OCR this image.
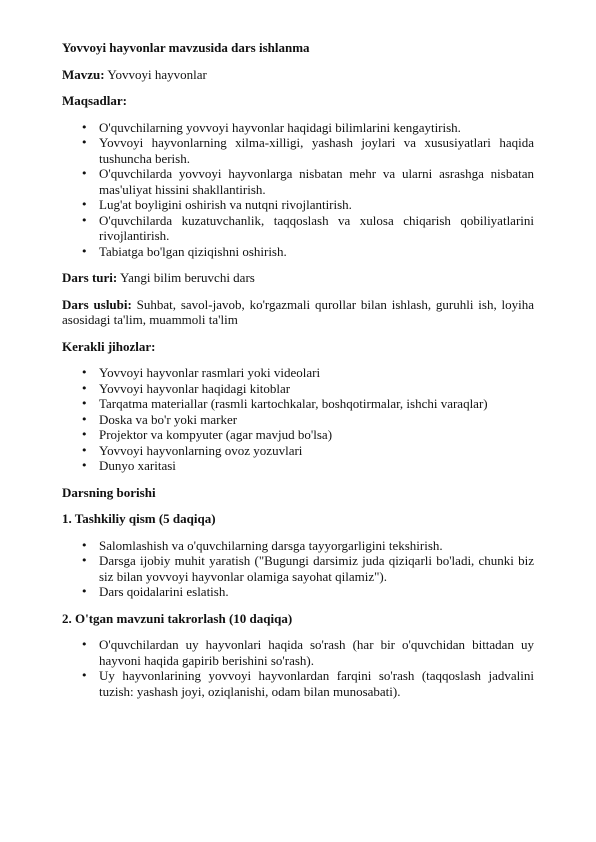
Yovvoyi hayvonlar mavzusida dars ishlanma

Mavzu: Yovvoyi hayvonlar

Maqsadlar:

• O'quvchilarning yovvoyi hayvonlar haqidagi bilimlarini kengaytirish.
• Yovvoyi hayvonlarning xilma-xilligi, yashash joylari va xususiyatlari haqida tushuncha berish.
• O'quvchilarda yovvoyi hayvonlarga nisbatan mehr va ularni asrashga nisbatan mas'uliyat hissini shakllantirish.
• Lug'at boyligini oshirish va nutqni rivojlantirish.
• O'quvchilarda kuzatuvchanlik, taqqoslash va xulosa chiqarish qobiliyatlarini rivojlantirish.
• Tabiatga bo'lgan qiziqishni oshirish.

Dars turi: Yangi bilim beruvchi dars

Dars uslubi: Suhbat, savol-javob, ko'rgazmali qurollar bilan ishlash, guruhli ish, loyiha asosidagi ta'lim, muammoli ta'lim

Kerakli jihozlar:

• Yovvoyi hayvonlar rasmlari yoki videolari
• Yovvoyi hayvonlar haqidagi kitoblar
• Tarqatma materiallar (rasmli kartochkalar, boshqotirmalar, ishchi varaqlar)
• Doska va bo'r yoki marker
• Projektor va kompyuter (agar mavjud bo'lsa)
• Yovvoyi hayvonlarning ovoz yozuvlari
• Dunyo xaritasi

Darsning borishi

1. Tashkiliy qism (5 daqiqa)

• Salomlashish va o'quvchilarning darsga tayyorgarligini tekshirish.
• Darsga ijobiy muhit yaratish ("Bugungi darsimiz juda qiziqarli bo'ladi, chunki biz siz bilan yovvoyi hayvonlar olamiga sayohat qilamiz").
• Dars qoidalarini eslatish.

2. O'tgan mavzuni takrorlash (10 daqiqa)

• O'quvchilardan uy hayvonlari haqida so'rash (har bir o'quvchidan bittadan uy hayvoni haqida gapirib berishini so'rash).
• Uy hayvonlarining yovvoyi hayvonlardan farqini so'rash (taqqoslash jadvalini tuzish: yashash joyi, oziqlanishi, odam bilan munosabati).
